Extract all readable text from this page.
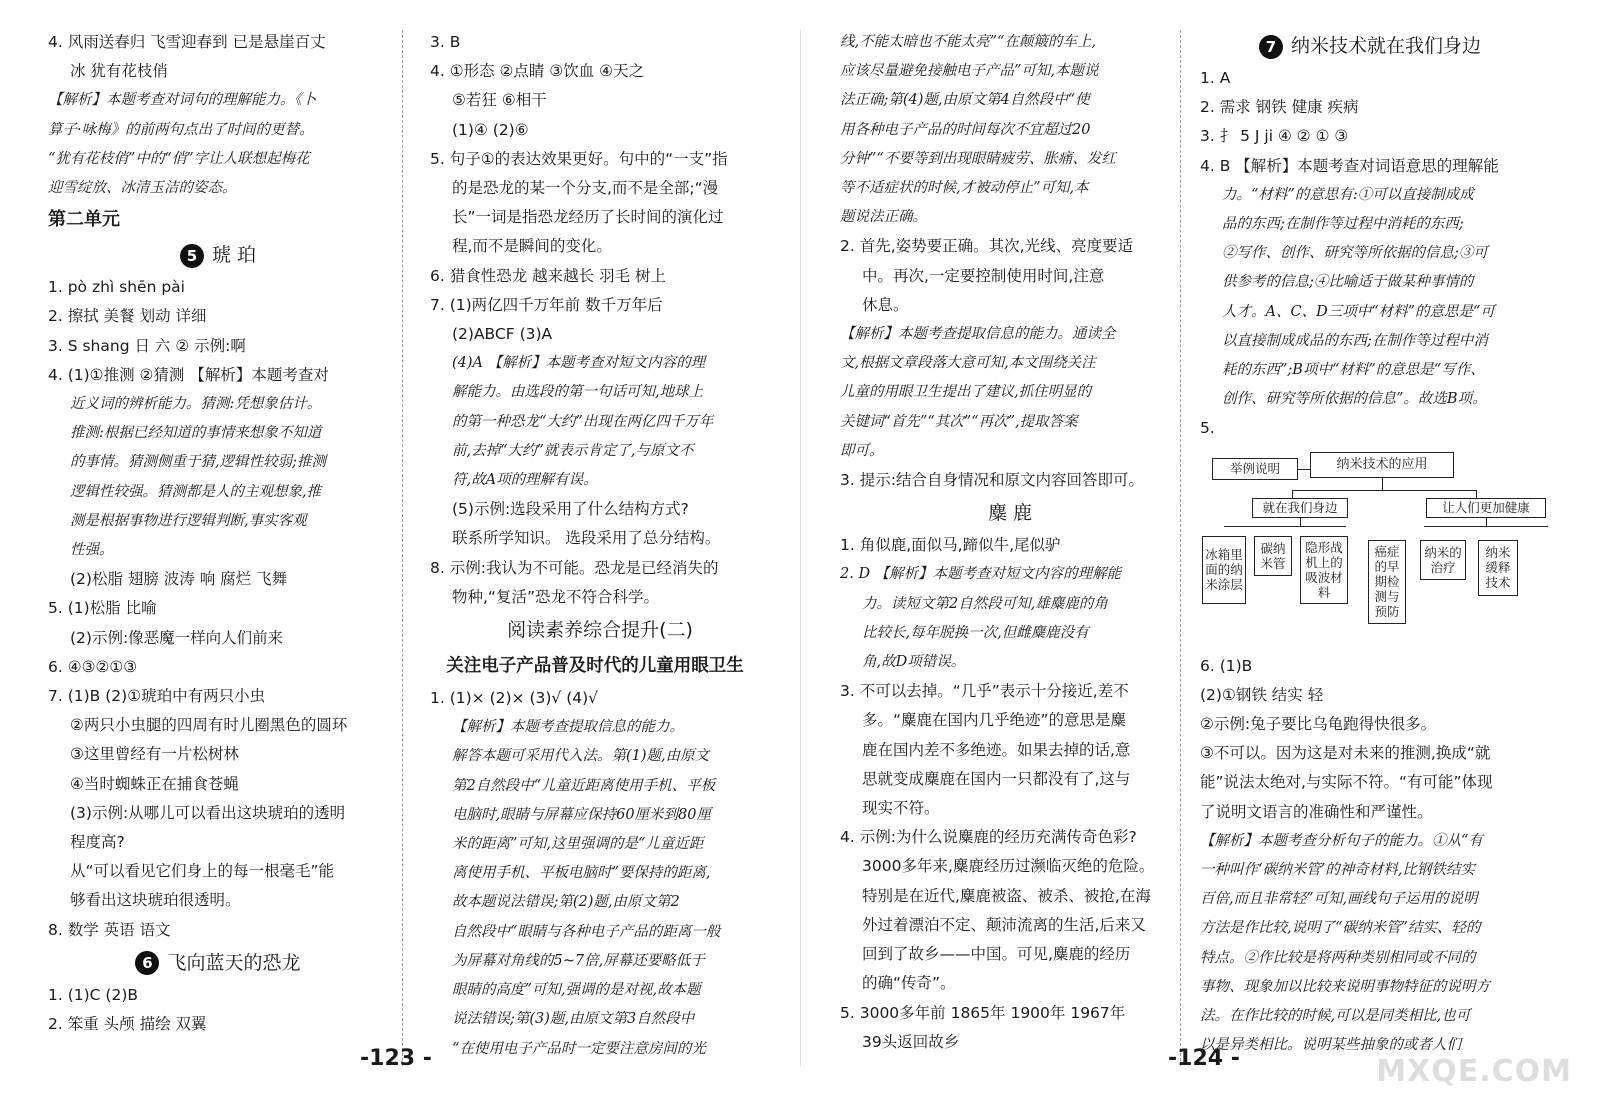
4. 风雨送春归 飞雪迎春到 已是悬崖百丈

冰 犹有花枝俏

【解析】本题考查对词句的理解能力。《卜

算子·咏梅》的前两句点出了时间的更替。

“犹有花枝俏”中的“俏”字让人联想起梅花

迎雪绽放、冰清玉洁的姿态。

第二单元

5 琥 珀

1. pò zhì shēn pài

2. 擦拭 美餐 划动 详细

3. S shang 日 六 ② 示例:啊

4. (1)①推测 ②猜测 【解析】本题考查对

近义词的辨析能力。猜测:凭想象估计。

推测:根据已经知道的事情来想象不知道

的事情。猜测侧重于猜,逻辑性较弱;推测

逻辑性较强。猜测都是人的主观想象,推

测是根据事物进行逻辑判断,事实客观

性强。

(2)松脂 翅膀 波涛 响 腐烂 飞舞

5. (1)松脂 比喻

(2)示例:像恶魔一样向人们前来

6. ④③②①③

7. (1)B (2)①琥珀中有两只小虫

②两只小虫腿的四周有时儿圈黑色的圆环

③这里曾经有一片松树林

④当时蜘蛛正在捕食苍蝇

(3)示例:从哪儿可以看出这块琥珀的透明

程度高?

从“可以看见它们身上的每一根毫毛”能

够看出这块琥珀很透明。

8. 数学 英语 语文

6 飞向蓝天的恐龙

1. (1)C (2)B

2. 笨重 头颅 描绘 双翼

3. B

4. ①形态 ②点睛 ③饮血 ④天之

⑤若狂 ⑥相干

(1)④ (2)⑥

5. 句子①的表达效果更好。句中的“一支”指

的是恐龙的某一个分支,而不是全部;“漫

长”一词是指恐龙经历了长时间的演化过

程,而不是瞬间的变化。

6. 猎食性恐龙 越来越长 羽毛 树上

7. (1)两亿四千万年前 数千万年后

(2)ABCF (3)A

(4)A 【解析】本题考查对短文内容的理

解能力。由选段的第一句话可知,地球上

的第一种恐龙“大约”出现在两亿四千万年

前,去掉“大约”就表示肯定了,与原文不

符,故A项的理解有误。

(5)示例:选段采用了什么结构方式?

联系所学知识。 选段采用了总分结构。

8. 示例:我认为不可能。恐龙是已经消失的

物种,“复活”恐龙不符合科学。

阅读素养综合提升(二)

关注电子产品普及时代的儿童用眼卫生

1. (1)× (2)× (3)√ (4)√

【解析】本题考查提取信息的能力。

解答本题可采用代入法。第(1)题,由原文

第2自然段中“儿童近距离使用手机、平板

电脑时,眼睛与屏幕应保持60厘米到80厘

米的距离”可知,这里强调的是“儿童近距

离使用手机、平板电脑时”要保持的距离,

故本题说法错误;第(2)题,由原文第2

自然段中“眼睛与各种电子产品的距离一般

为屏幕对角线的5~7倍,屏幕还要略低于

眼睛的高度”可知,强调的是对视,故本题

说法错误;第(3)题,由原文第3自然段中

“在使用电子产品时一定要注意房间的光

线,不能太暗也不能太亮”“在颠簸的车上,

应该尽量避免接触电子产品”可知,本题说

法正确;第(4)题,由原文第4自然段中“使

用各种电子产品的时间每次不宜超过20

分钟”“不要等到出现眼睛疲劳、胀痛、发红

等不适症状的时候,才被动停止”可知,本

题说法正确。

2. 首先,姿势要正确。其次,光线、亮度要适

中。再次,一定要控制使用时间,注意

休息。

【解析】本题考查提取信息的能力。通读全

文,根据文章段落大意可知,本文围绕关注

儿童的用眼卫生提出了建议,抓住明显的

关键词“首先”“其次”“再次”,提取答案

即可。

3. 提示:结合自身情况和原文内容回答即可。

麋 鹿

1. 角似鹿,面似马,蹄似牛,尾似驴

2. D 【解析】本题考查对短文内容的理解能

力。读短文第2自然段可知,雄麋鹿的角

比较长,每年脱换一次,但雌麋鹿没有

角,故D项错误。

3. 不可以去掉。“几乎”表示十分接近,差不

多。“麋鹿在国内几乎绝迹”的意思是麋

鹿在国内差不多绝迹。如果去掉的话,意

思就变成麋鹿在国内一只都没有了,这与

现实不符。

4. 示例:为什么说麋鹿的经历充满传奇色彩?

3000多年来,麋鹿经历过濒临灭绝的危险。

特别是在近代,麋鹿被盗、被杀、被抢,在海

外过着漂泊不定、颠沛流离的生活,后来又

回到了故乡——中国。可见,麋鹿的经历

的确“传奇”。

5. 3000多年前 1865年 1900年 1967年

39头返回故乡

7 纳米技术就在我们身边

1. A

2. 需求 钢铁 健康 疾病

3. 扌 5 J ji ④ ② ① ③

4. B 【解析】本题考查对词语意思的理解能

力。“材料”的意思有:①可以直接制成成

品的东西;在制作等过程中消耗的东西;

②写作、创作、研究等所依据的信息;③可

供参考的信息;④比喻适于做某种事情的

人才。A、C、D三项中“材料”的意思是“可

以直接制成成品的东西;在制作等过程中消

耗的东西”;B项中“材料”的意思是“写作、

创作、研究等所依据的信息”。故选B项。

5.

举例说明	纳米技术的应用
就在我们身边	让人们更加健康
冰箱里面的纳米涂层
碳纳米管
隐形战机上的吸波材料
癌症的早期检测与预防
纳米的治疗
纳米缓释技术

6. (1)B

(2)①钢铁 结实 轻

②示例:兔子要比乌龟跑得快很多。

③不可以。因为这是对未来的推测,换成“就

能”说法太绝对,与实际不符。“有可能”体现

了说明文语言的准确性和严谨性。

【解析】本题考查分析句子的能力。①从“有

一种叫作‘碳纳米管’的神奇材料,比钢铁结实

百倍,而且非常轻”可知,画线句子运用的说明

方法是作比较,说明了“碳纳米管”结实、轻的

特点。②作比较是将两种类别相同或不同的

事物、现象加以比较来说明事物特征的说明方

法。在作比较的时候,可以是同类相比,也可

以是异类相比。说明某些抽象的或者人们

-123 -	-124 -	MXQE.COM
